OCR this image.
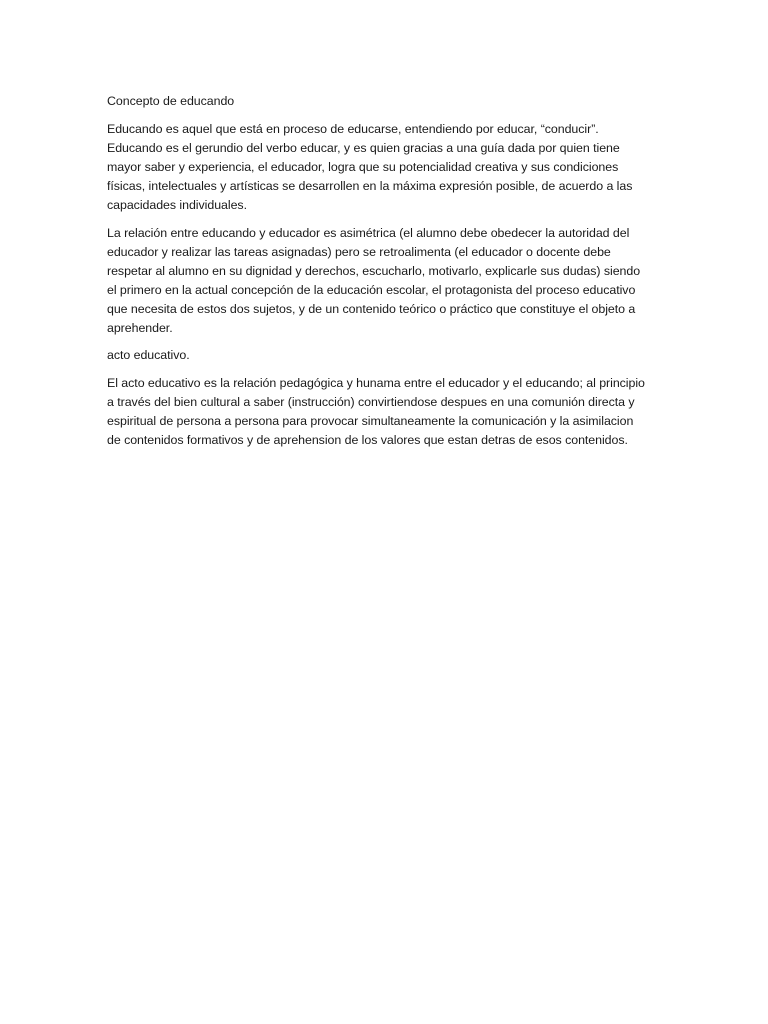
Concepto de educando

Educando es aquel que está en proceso de educarse, entendiendo por educar, “conducir”.
Educando es el gerundio del verbo educar, y es quien gracias a una guía dada por quien tiene
mayor saber y experiencia, el educador, logra que su potencialidad creativa y sus condiciones
físicas, intelectuales y artísticas se desarrollen en la máxima expresión posible, de acuerdo a las
capacidades individuales.

La relación entre educando y educador es asimétrica (el alumno debe obedecer la autoridad del
educador y realizar las tareas asignadas) pero se retroalimenta (el educador o docente debe
respetar al alumno en su dignidad y derechos, escucharlo, motivarlo, explicarle sus dudas) siendo
el primero en la actual concepción de la educación escolar, el protagonista del proceso educativo
que necesita de estos dos sujetos, y de un contenido teórico o práctico que constituye el objeto a
aprehender.

acto educativo.

El acto educativo es la relación pedagógica y hunama entre el educador y el educando; al principio
a través del bien cultural a saber (instrucción) convirtiendose despues en una comunión directa y
espiritual de persona a persona para provocar simultaneamente la comunicación y la asimilacion
de contenidos formativos y de aprehension de los valores que estan detras de esos contenidos.
